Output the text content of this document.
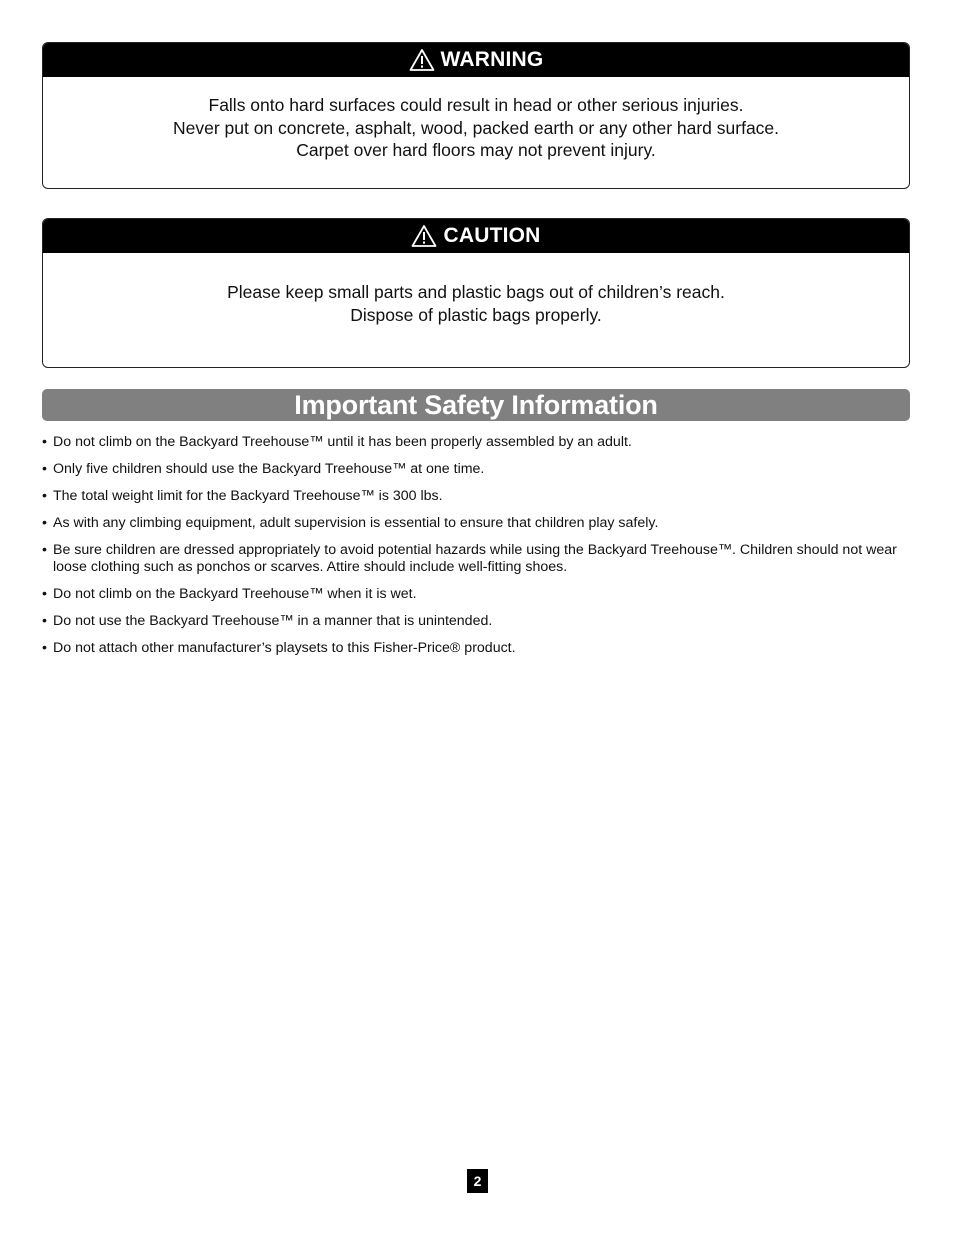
WARNING
Falls onto hard surfaces could result in head or other serious injuries.
Never put on concrete, asphalt, wood, packed earth or any other hard surface.
Carpet over hard floors may not prevent injury.
CAUTION
Please keep small parts and plastic bags out of children’s reach.
Dispose of plastic bags properly.
Important Safety Information
• Do not climb on the Backyard Treehouse™ until it has been properly assembled by an adult.
• Only five children should use the Backyard Treehouse™ at one time.
• The total weight limit for the Backyard Treehouse™ is 300 lbs.
• As with any climbing equipment, adult supervision is essential to ensure that children play safely.
• Be sure children are dressed appropriately to avoid potential hazards while using the Backyard Treehouse™. Children should not wear loose clothing such as ponchos or scarves. Attire should include well-fitting shoes.
• Do not climb on the Backyard Treehouse™ when it is wet.
• Do not use the Backyard Treehouse™ in a manner that is unintended.
• Do not attach other manufacturer’s playsets to this Fisher-Price® product.
2
